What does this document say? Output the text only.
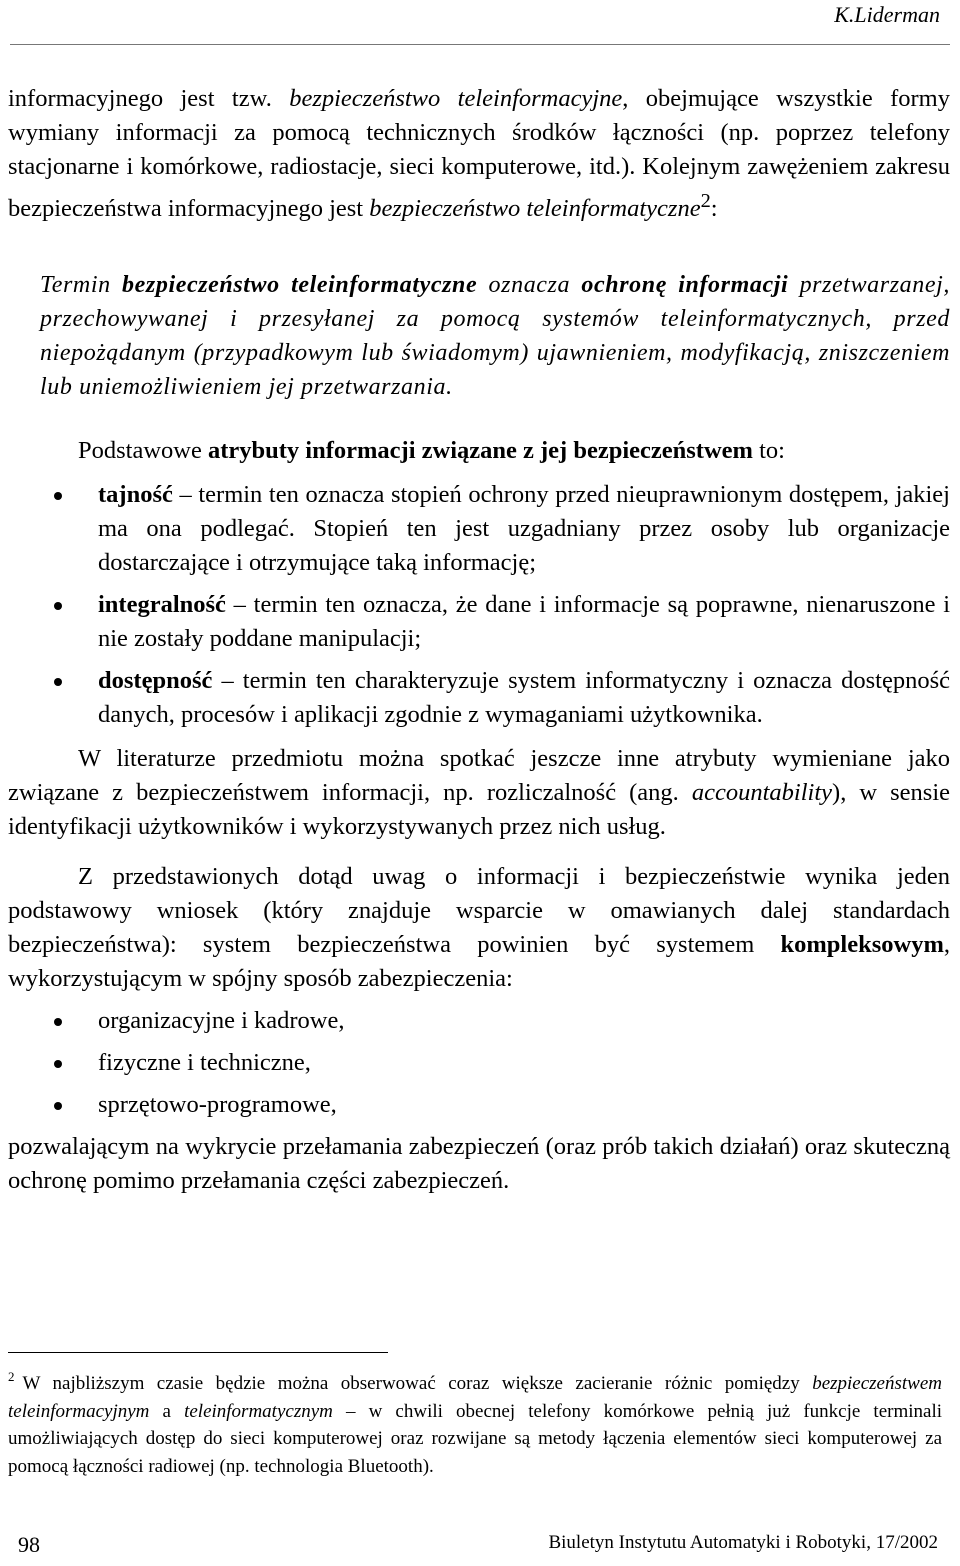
K.Liderman

informacyjnego jest tzw. bezpieczeństwo teleinformacyjne, obejmujące wszystkie formy wymiany informacji za pomocą technicznych środków łączności (np. poprzez telefony stacjonarne i komórkowe, radiostacje, sieci komputerowe, itd.). Kolejnym zawężeniem zakresu bezpieczeństwa informacyjnego jest bezpieczeństwo teleinformatyczne$^2$:

Termin bezpieczeństwo teleinformatyczne oznacza ochronę informacji przetwarzanej, przechowywanej i przesyłanej za pomocą systemów teleinformatycznych, przed niepożądanym (przypadkowym lub świadomym) ujawnieniem, modyfikacją, zniszczeniem lub uniemożliwieniem jej przetwarzania.

Podstawowe atrybuty informacji związane z jej bezpieczeństwem to:

tajność – termin ten oznacza stopień ochrony przed nieuprawnionym dostępem, jakiej ma ona podlegać. Stopień ten jest uzgadniany przez osoby lub organizacje dostarczające i otrzymujące taką informację;
integralność – termin ten oznacza, że dane i informacje są poprawne, nienaruszone i nie zostały poddane manipulacji;
dostępność – termin ten charakteryzuje system informatyczny i oznacza dostępność danych, procesów i aplikacji zgodnie z wymaganiami użytkownika.

W literaturze przedmiotu można spotkać jeszcze inne atrybuty wymieniane jako związane z bezpieczeństwem informacji, np. rozliczalność (ang. accountability), w sensie identyfikacji użytkowników i wykorzystywanych przez nich usług.

Z przedstawionych dotąd uwag o informacji i bezpieczeństwie wynika jeden podstawowy wniosek (który znajduje wsparcie w omawianych dalej standardach bezpieczeństwa): system bezpieczeństwa powinien być systemem kompleksowym, wykorzystującym w spójny sposób zabezpieczenia:

organizacyjne i kadrowe,
fizyczne i techniczne,
sprzętowo-programowe,

pozwalającym na wykrycie przełamania zabezpieczeń (oraz prób takich działań) oraz skuteczną ochronę pomimo przełamania części zabezpieczeń.

$^2$ W najbliższym czasie będzie można obserwować coraz większe zacieranie różnic pomiędzy bezpieczeństwem teleinformacyjnym a teleinformatycznym – w chwili obecnej telefony komórkowe pełnią już funkcje terminali umożliwiających dostęp do sieci komputerowej oraz rozwijane są metody łączenia elementów sieci komputerowej za pomocą łączności radiowej (np. technologia Bluetooth).

98	Biuletyn Instytutu Automatyki i Robotyki, 17/2002
